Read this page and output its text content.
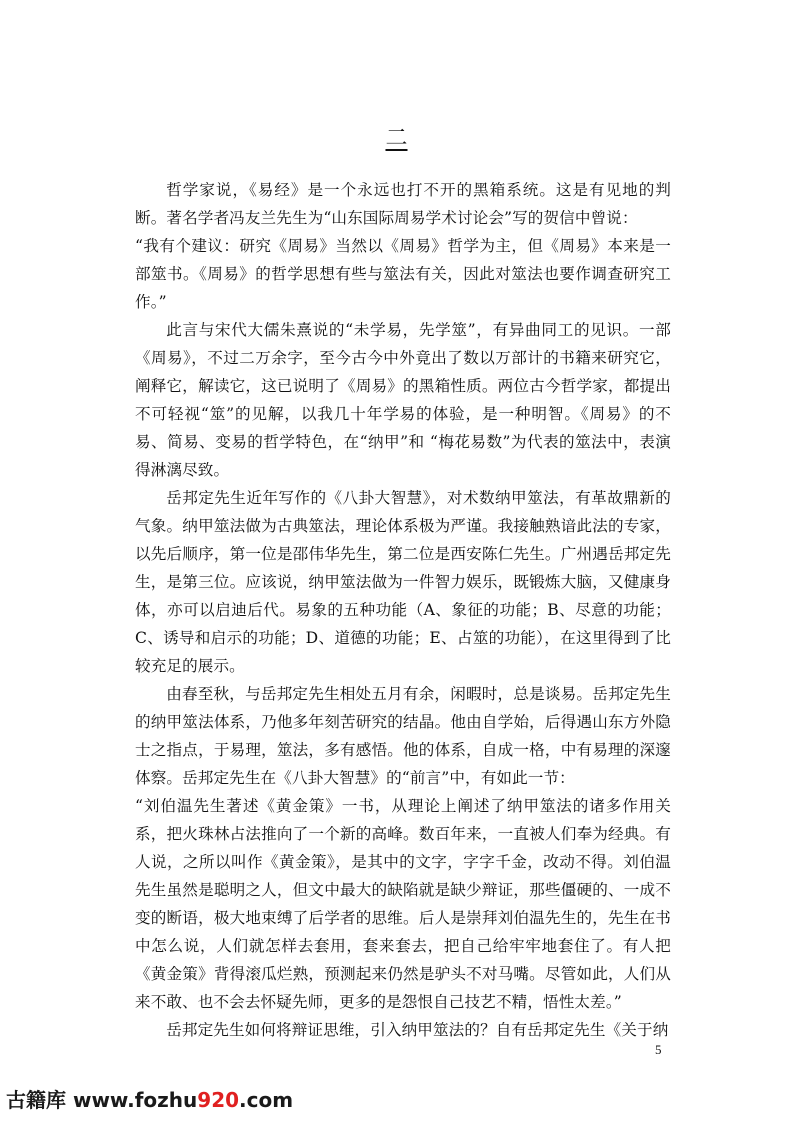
二

哲学家说，《易经》是一个永远也打不开的黑箱系统。这是有见地的判断。著名学者冯友兰先生为“山东国际周易学术讨论会”写的贺信中曾说：

“我有个建议：研究《周易》当然以《周易》哲学为主，但《周易》本来是一部筮书。《周易》的哲学思想有些与筮法有关，因此对筮法也要作调查研究工作。”

此言与宋代大儒朱熹说的“未学易，先学筮”，有异曲同工的见识。一部《周易》，不过二万余字，至今古今中外竟出了数以万部计的书籍来研究它，阐释它，解读它，这已说明了《周易》的黑箱性质。两位古今哲学家，都提出不可轻视“筮”的见解，以我几十年学易的体验，是一种明智。《周易》的不易、简易、变易的哲学特色，在“纳甲”和 “梅花易数”为代表的筮法中，表演得淋漓尽致。

岳邦定先生近年写作的《八卦大智慧》，对术数纳甲筮法，有革故鼎新的气象。纳甲筮法做为古典筮法，理论体系极为严谨。我接触熟谙此法的专家，以先后顺序，第一位是邵伟华先生，第二位是西安陈仁先生。广州遇岳邦定先生，是第三位。应该说，纳甲筮法做为一件智力娱乐，既锻炼大脑，又健康身体，亦可以启迪后代。易象的五种功能（A、象征的功能；B、尽意的功能；C、诱导和启示的功能；D、道德的功能；E、占筮的功能），在这里得到了比较充足的展示。

由春至秋，与岳邦定先生相处五月有余，闲暇时，总是谈易。岳邦定先生的纳甲筮法体系，乃他多年刻苦研究的结晶。他由自学始，后得遇山东方外隐士之指点，于易理，筮法，多有感悟。他的体系，自成一格，中有易理的深邃体察。岳邦定先生在《八卦大智慧》的“前言”中，有如此一节：

“刘伯温先生著述《黄金策》一书，从理论上阐述了纳甲筮法的诸多作用关系，把火珠林占法推向了一个新的高峰。数百年来，一直被人们奉为经典。有人说，之所以叫作《黄金策》，是其中的文字，字字千金，改动不得。刘伯温先生虽然是聪明之人，但文中最大的缺陷就是缺少辩证，那些僵硬的、一成不变的断语，极大地束缚了后学者的思维。后人是崇拜刘伯温先生的，先生在书中怎么说，人们就怎样去套用，套来套去，把自己给牢牢地套住了。有人把《黄金策》背得滚瓜烂熟，预测起来仍然是驴头不对马嘴。尽管如此，人们从来不敢、也不会去怀疑先师，更多的是怨恨自己技艺不精，悟性太差。”

岳邦定先生如何将辩证思维，引入纳甲筮法的？自有岳邦定先生《关于纳

5
古籍库 www.fozhu920.com
